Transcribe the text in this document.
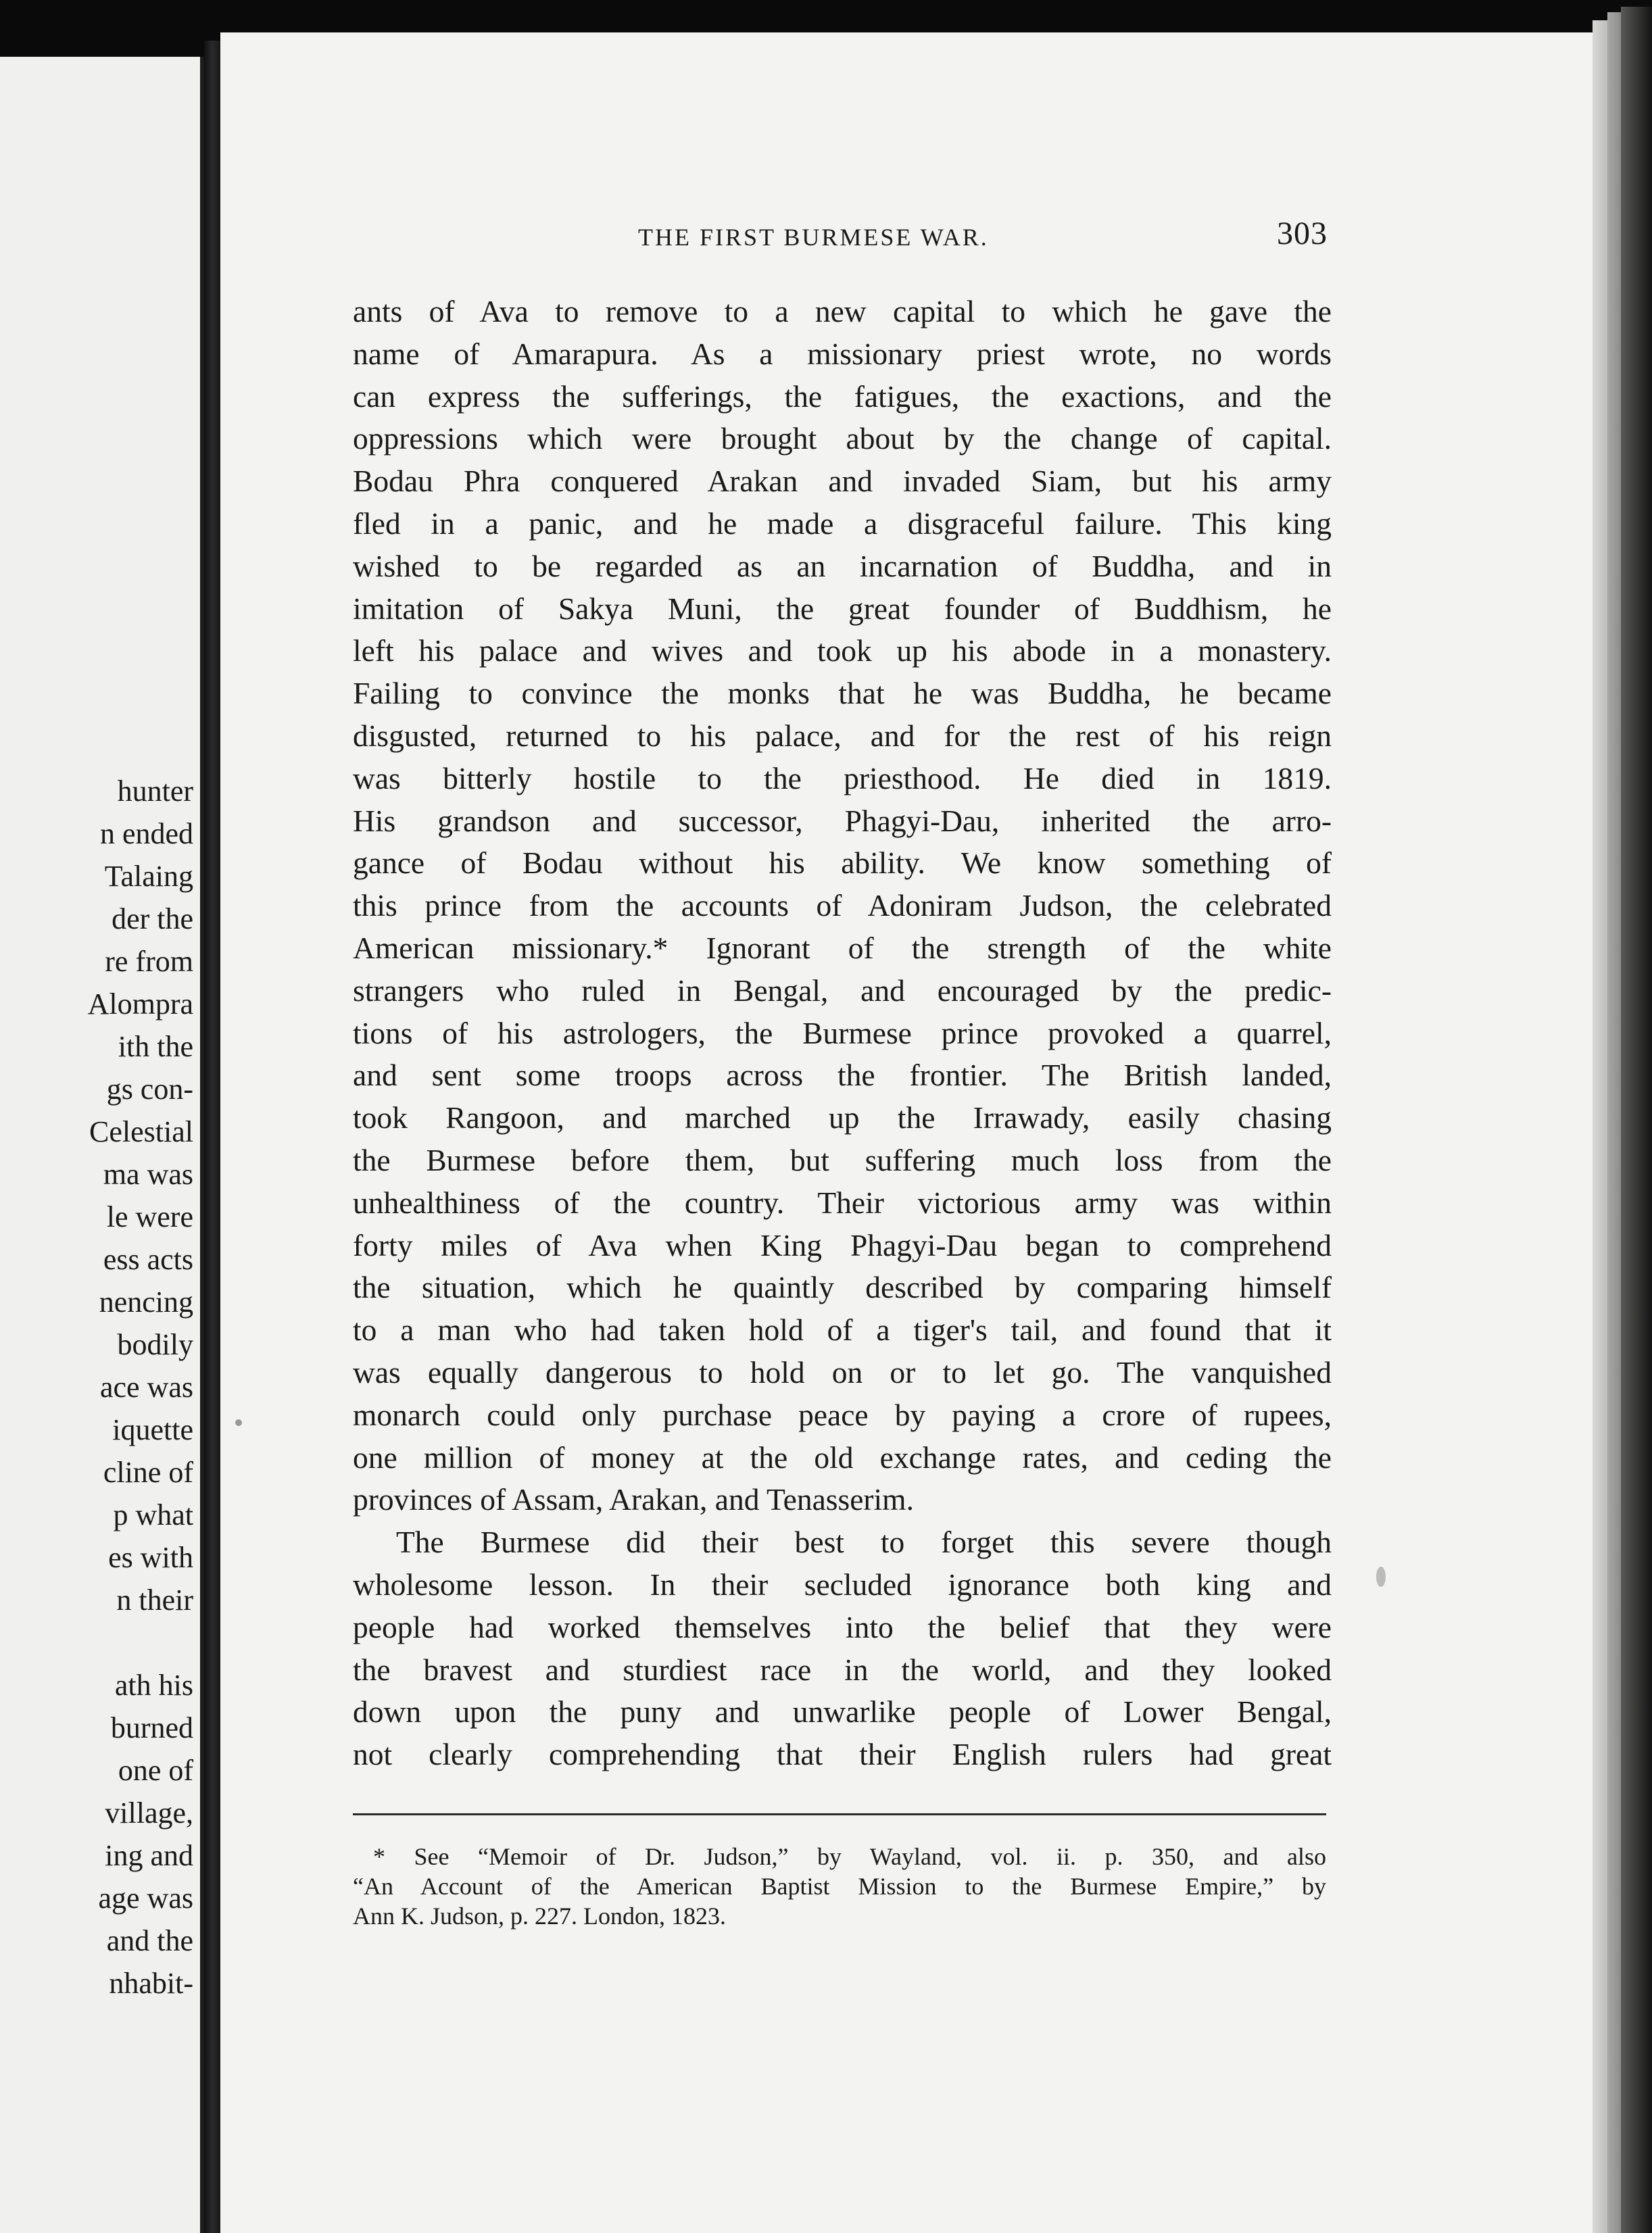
hunter
n ended
Talaing
der the
re from
Alompra
ith the
gs con-
Celestial
ma was
le were
ess acts
nencing
bodily
ace was
iquette
cline of
p what
es with
n their
ath his
burned
one of
village,
ing and
age was
and the
nhabit-
THE FIRST BURMESE WAR.	303
ants of Ava to remove to a new capital to which he gave the
name of Amarapura. As a missionary priest wrote, no words
can express the sufferings, the fatigues, the exactions, and the
oppressions which were brought about by the change of capital.
Bodau Phra conquered Arakan and invaded Siam, but his army
fled in a panic, and he made a disgraceful failure. This king
wished to be regarded as an incarnation of Buddha, and in
imitation of Sakya Muni, the great founder of Buddhism, he
left his palace and wives and took up his abode in a monastery.
Failing to convince the monks that he was Buddha, he became
disgusted, returned to his palace, and for the rest of his reign
was bitterly hostile to the priesthood. He died in 1819.
His grandson and successor, Phagyi-Dau, inherited the arro-
gance of Bodau without his ability. We know something of
this prince from the accounts of Adoniram Judson, the celebrated
American missionary.* Ignorant of the strength of the white
strangers who ruled in Bengal, and encouraged by the predic-
tions of his astrologers, the Burmese prince provoked a quarrel,
and sent some troops across the frontier. The British landed,
took Rangoon, and marched up the Irrawady, easily chasing
the Burmese before them, but suffering much loss from the
unhealthiness of the country. Their victorious army was within
forty miles of Ava when King Phagyi-Dau began to comprehend
the situation, which he quaintly described by comparing himself
to a man who had taken hold of a tiger's tail, and found that it
was equally dangerous to hold on or to let go. The vanquished
monarch could only purchase peace by paying a crore of rupees,
one million of money at the old exchange rates, and ceding the
provinces of Assam, Arakan, and Tenasserim.
The Burmese did their best to forget this severe though
wholesome lesson. In their secluded ignorance both king and
people had worked themselves into the belief that they were
the bravest and sturdiest race in the world, and they looked
down upon the puny and unwarlike people of Lower Bengal,
not clearly comprehending that their English rulers had great
* See “Memoir of Dr. Judson,” by Wayland, vol. ii. p. 350, and also
“An Account of the American Baptist Mission to the Burmese Empire,” by
Ann K. Judson, p. 227. London, 1823.
